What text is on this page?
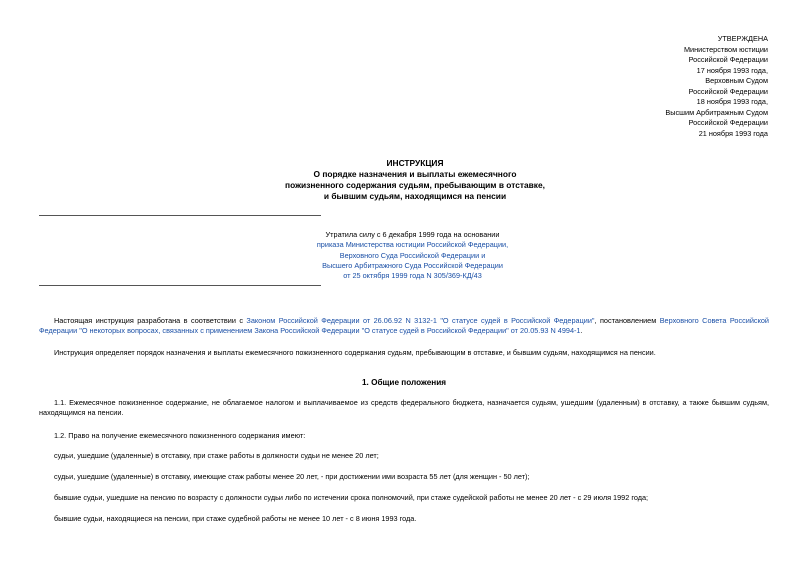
УТВЕРЖДЕНА
Министерством юстиции
Российской Федерации
17 ноября 1993 года,
Верховным Судом
Российской Федерации
18 ноября 1993 года,
Высшим Арбитражным Судом
Российской Федерации
21 ноября 1993 года
ИНСТРУКЦИЯ
О порядке назначения и выплаты ежемесячного
пожизненного содержания судьям, пребывающим в отставке,
и бывшим судьям, находящимся на пенсии
Утратила силу с 6 декабря 1999 года на основании
приказа Министерства юстиции Российской Федерации,
Верховного Суда Российской Федерации и
Высшего Арбитражного Суда Российской Федерации
от 25 октября 1999 года N 305/369-КД/43
Настоящая инструкция разработана в соответствии с Законом Российской Федерации от 26.06.92 N 3132-1 "О статусе судей в Российской Федерации", постановлением Верховного Совета Российской Федерации "О некоторых вопросах, связанных с применением Закона Российской Федерации "О статусе судей в Российской Федерации" от 20.05.93 N 4994-1.
Инструкция определяет порядок назначения и выплаты ежемесячного пожизненного содержания судьям, пребывающим в отставке, и бывшим судьям, находящимся на пенсии.
1. Общие положения
1.1. Ежемесячное пожизненное содержание, не облагаемое налогом и выплачиваемое из средств федерального бюджета, назначается судьям, ушедшим (удаленным) в отставку, а также бывшим судьям, находящимся на пенсии.
1.2. Право на получение ежемесячного пожизненного содержания имеют:
судьи, ушедшие (удаленные) в отставку, при стаже работы в должности судьи не менее 20 лет;
судьи, ушедшие (удаленные) в отставку, имеющие стаж работы менее 20 лет, - при достижении ими возраста 55 лет (для женщин - 50 лет);
бывшие судьи, ушедшие на пенсию по возрасту с должности судьи либо по истечении срока полномочий, при стаже судейской работы не менее 20 лет - с 29 июля 1992 года;
бывшие судьи, находящиеся на пенсии, при стаже судебной работы не менее 10 лет - с 8 июня 1993 года.
